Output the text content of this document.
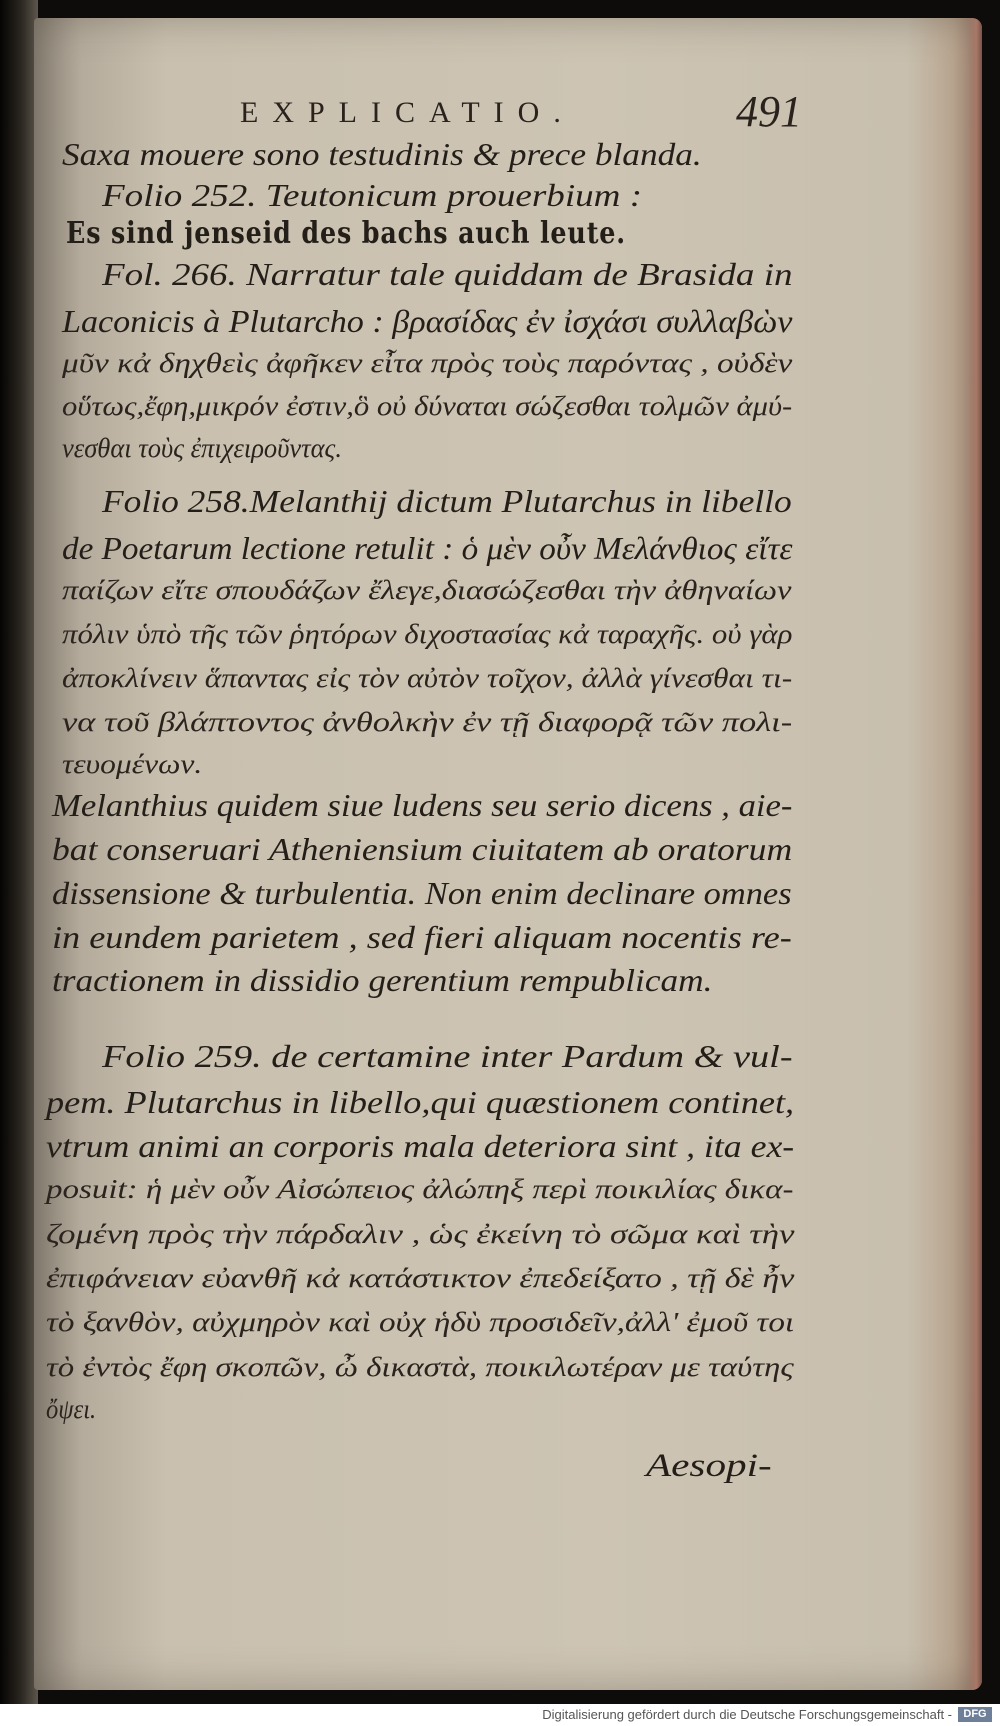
EXPLICATIO.	491
Saxa mouere sono testudinis & prece blanda.
Folio 252. Teutonicum prouerbium :
Es sind jenseid des bachs auch leute.
Fol. 266. Narratur tale quiddam de Brasida in
Laconicis à Plutarcho : βρασίδας ἐν ἰσχάσι συλλαβὼν
μῦν κἀ δηχθεὶς ἀφῆκεν εἶτα πρὸς τοὺς παρόντας , οὐδὲν
οὕτως,ἔφη,μικρόν ἐστιν,ὃ οὐ δύναται σώζεσθαι τολμῶν ἀμύ-
νεσθαι τοὺς ἐπιχειροῦντας.
Folio 258.Melanthij dictum Plutarchus in libello
de Poetarum lectione retulit : ὁ μὲν οὖν Μελάνθιος εἴτε
παίζων εἴτε σπουδάζων ἔλεγε,διασώζεσθαι τὴν ἀθηναίων
πόλιν ὑπὸ τῆς τῶν ῥητόρων διχοστασίας κἀ ταραχῆς. οὐ γὰρ
ἀποκλίνειν ἅπαντας εἰς τὸν αὐτὸν τοῖχον, ἀλλὰ γίνεσθαι τι-
να τοῦ βλάπτοντος ἀνθολκὴν ἐν τῇ διαφορᾷ τῶν πολι-
τευομένων.
Melanthius quidem siue ludens seu serio dicens , aie-
bat conseruari Atheniensium ciuitatem ab oratorum
dissensione & turbulentia. Non enim declinare omnes
in eundem parietem , sed fieri aliquam nocentis re-
tractionem in dissidio gerentium rempublicam.
Folio 259. de certamine inter Pardum & vul-
pem. Plutarchus in libello,qui quæstionem continet,
vtrum animi an corporis mala deteriora sint , ita ex-
posuit: ἡ μὲν οὖν Αἰσώπειος ἀλώπηξ περὶ ποικιλίας δικα-
ζομένη πρὸς τὴν πάρδαλιν , ὡς ἐκείνη τὸ σῶμα καὶ τὴν
ἐπιφάνειαν εὐανθῆ κἀ κατάστικτον ἐπεδείξατο , τῇ δὲ ἦν
τὸ ξανθὸν, αὐχμηρὸν καὶ οὐχ ἡδὺ προσιδεῖν,ἀλλ' ἐμοῦ τοι
τὸ ἐντὸς ἔφη σκοπῶν, ὦ δικαστὰ, ποικιλωτέραν με ταύτης
ὄψει.
Aesopi-
Digitalisierung gefördert durch die Deutsche Forschungsgemeinschaft -	DFG
